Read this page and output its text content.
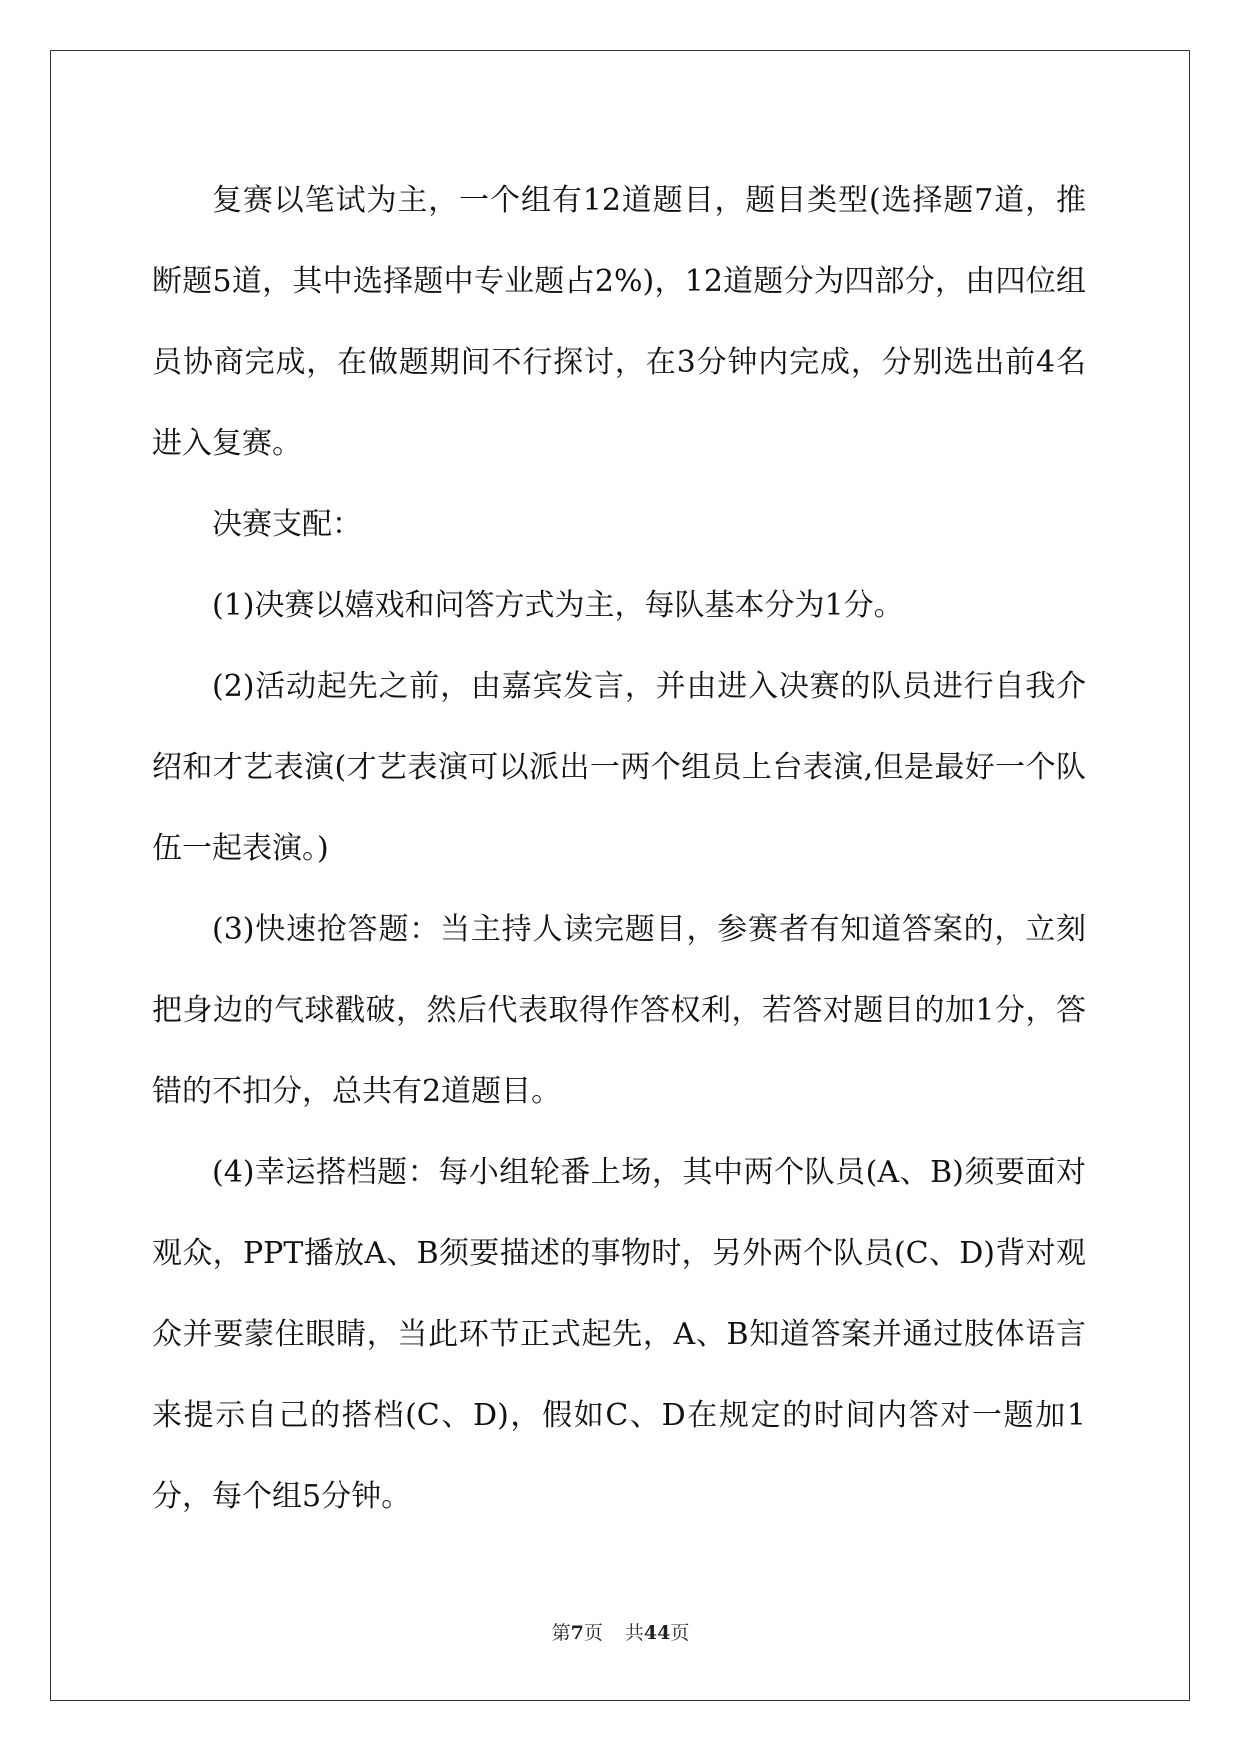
复赛以笔试为主，一个组有12道题目，题目类型(选择题7道，推断题5道，其中选择题中专业题占2%)，12道题分为四部分，由四位组员协商完成，在做题期间不行探讨，在3分钟内完成，分别选出前4名进入复赛。

决赛支配：

(1)决赛以嬉戏和问答方式为主，每队基本分为1分。

(2)活动起先之前，由嘉宾发言，并由进入决赛的队员进行自我介绍和才艺表演(才艺表演可以派出一两个组员上台表演,但是最好一个队伍一起表演。)

(3)快速抢答题：当主持人读完题目，参赛者有知道答案的，立刻把身边的气球戳破，然后代表取得作答权利，若答对题目的加1分，答错的不扣分，总共有2道题目。

(4)幸运搭档题：每小组轮番上场，其中两个队员(A、B)须要面对观众，PPT播放A、B须要描述的事物时，另外两个队员(C、D)背对观众并要蒙住眼睛，当此环节正式起先，A、B知道答案并通过肢体语言来提示自己的搭档(C、D)，假如C、D在规定的时间内答对一题加1分，每个组5分钟。

第7页 共44页
